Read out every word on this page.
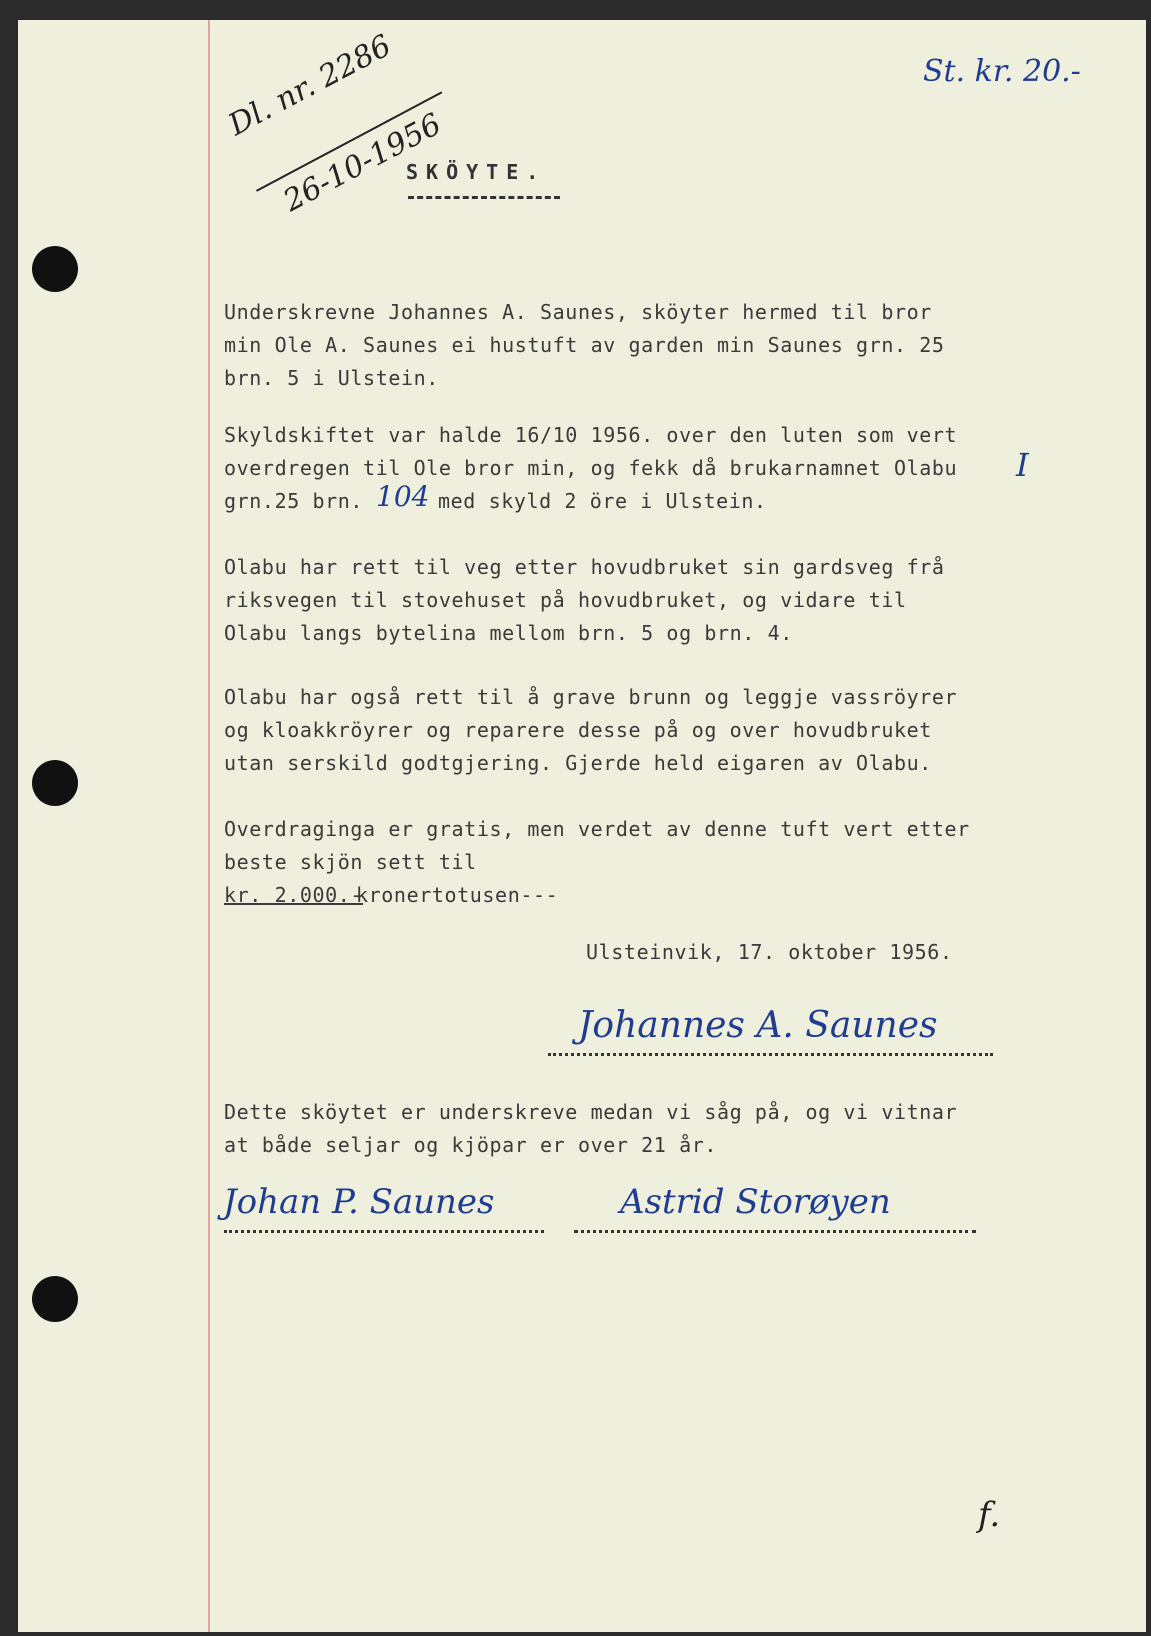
Dl. nr. 2286
26-10-1956
St. kr. 20.-
SKÖYTE.
Underskrevne Johannes A. Saunes, sköyter hermed til bror
min Ole A. Saunes ei hustuft av garden min Saunes grn. 25
brn. 5 i Ulstein.
Skyldskiftet var halde 16/10 1956. over den luten som vert
overdregen til Ole bror min, og fekk då brukarnamnet Olabu I
grn.25 brn. 104 med skyld 2 öre i Ulstein.
Olabu har rett til veg etter hovudbruket sin gardsveg frå
riksvegen til stovehuset på hovudbruket, og vidare til
Olabu langs bytelina mellom brn. 5 og brn. 4.
Olabu har også rett til å grave brunn og leggje vassröyrer
og kloakkröyrer og reparere desse på og over hovudbruket
utan serskild godtgjering. Gjerde held eigaren av Olabu.
Overdraginga er gratis, men verdet av denne tuft vert etter
beste skjön sett til
kr. 2.000.-
kronertotusen---
Ulsteinvik, 17. oktober 1956.
Johannes A. Saunes
Dette sköytet er underskreve medan vi såg på, og vi vitnar
at både seljar og kjöpar er over 21 år.
Johan P. Saunes	Astrid Storøyen
f.
